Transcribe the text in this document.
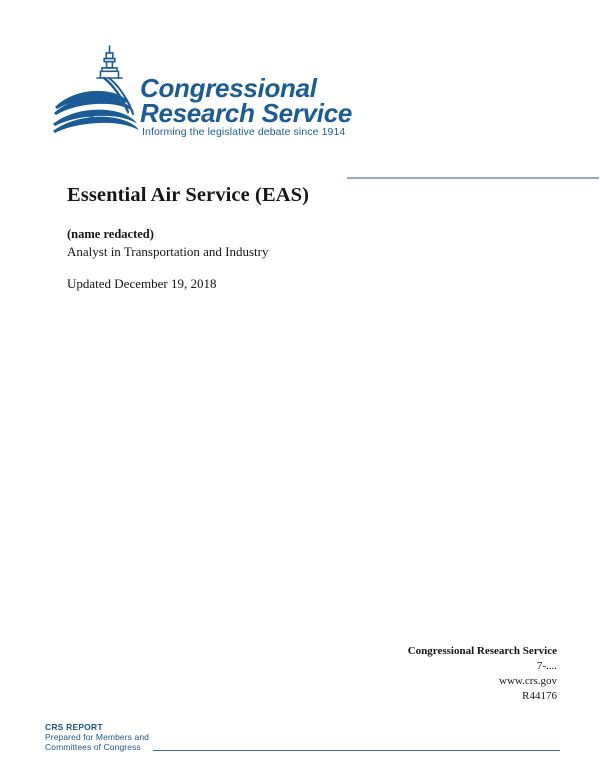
Congressional
Research Service
Informing the legislative debate since 1914
Essential Air Service (EAS)
(name redacted)
Analyst in Transportation and Industry
Updated December 19, 2018
Congressional Research Service
7-....
www.crs.gov
R44176
CRS REPORT
Prepared for Members and
Committees of Congress
